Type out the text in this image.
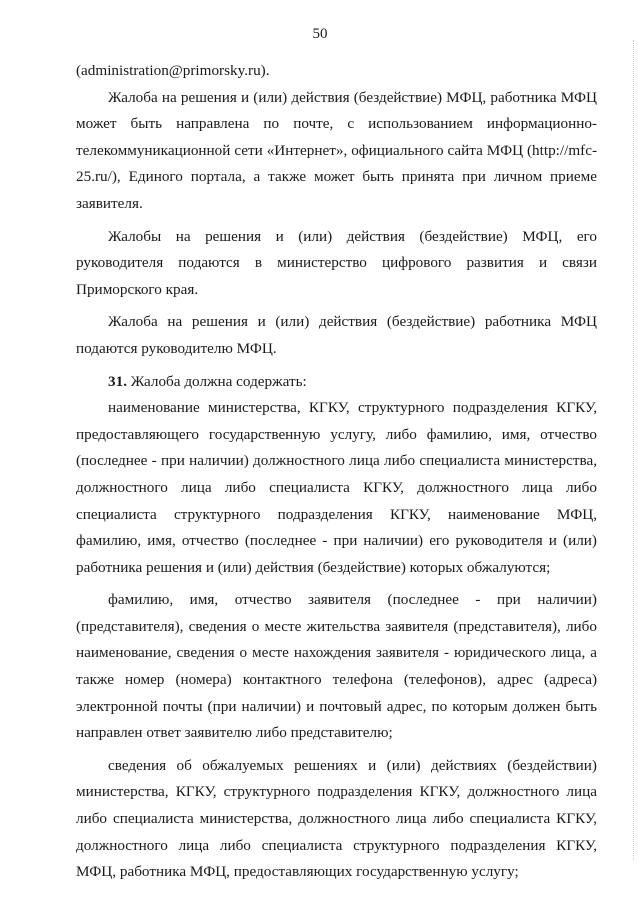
50

(administration@primorsky.ru).

Жалоба на решения и (или) действия (бездействие) МФЦ, работника МФЦ может быть направлена по почте, с использованием информационно-телекоммуникационной сети «Интернет», официального сайта МФЦ (http://mfc-25.ru/), Единого портала, а также может быть принята при личном приеме заявителя.

Жалобы на решения и (или) действия (бездействие) МФЦ, его руководителя подаются в министерство цифрового развития и связи Приморского края.

Жалоба на решения и (или) действия (бездействие) работника МФЦ подаются руководителю МФЦ.

31. Жалоба должна содержать:

наименование министерства, КГКУ, структурного подразделения КГКУ, предоставляющего государственную услугу, либо фамилию, имя, отчество (последнее - при наличии) должностного лица либо специалиста министерства, должностного лица либо специалиста КГКУ, должностного лица либо специалиста структурного подразделения КГКУ, наименование МФЦ, фамилию, имя, отчество (последнее - при наличии) его руководителя и (или) работника решения и (или) действия (бездействие) которых обжалуются;

фамилию, имя, отчество заявителя (последнее - при наличии) (представителя), сведения о месте жительства заявителя (представителя), либо наименование, сведения о месте нахождения заявителя - юридического лица, а также номер (номера) контактного телефона (телефонов), адрес (адреса) электронной почты (при наличии) и почтовый адрес, по которым должен быть направлен ответ заявителю либо представителю;

сведения об обжалуемых решениях и (или) действиях (бездействии) министерства, КГКУ, структурного подразделения КГКУ, должностного лица либо специалиста министерства, должностного лица либо специалиста КГКУ, должностного лица либо специалиста структурного подразделения КГКУ, МФЦ, работника МФЦ, предоставляющих государственную услугу;
